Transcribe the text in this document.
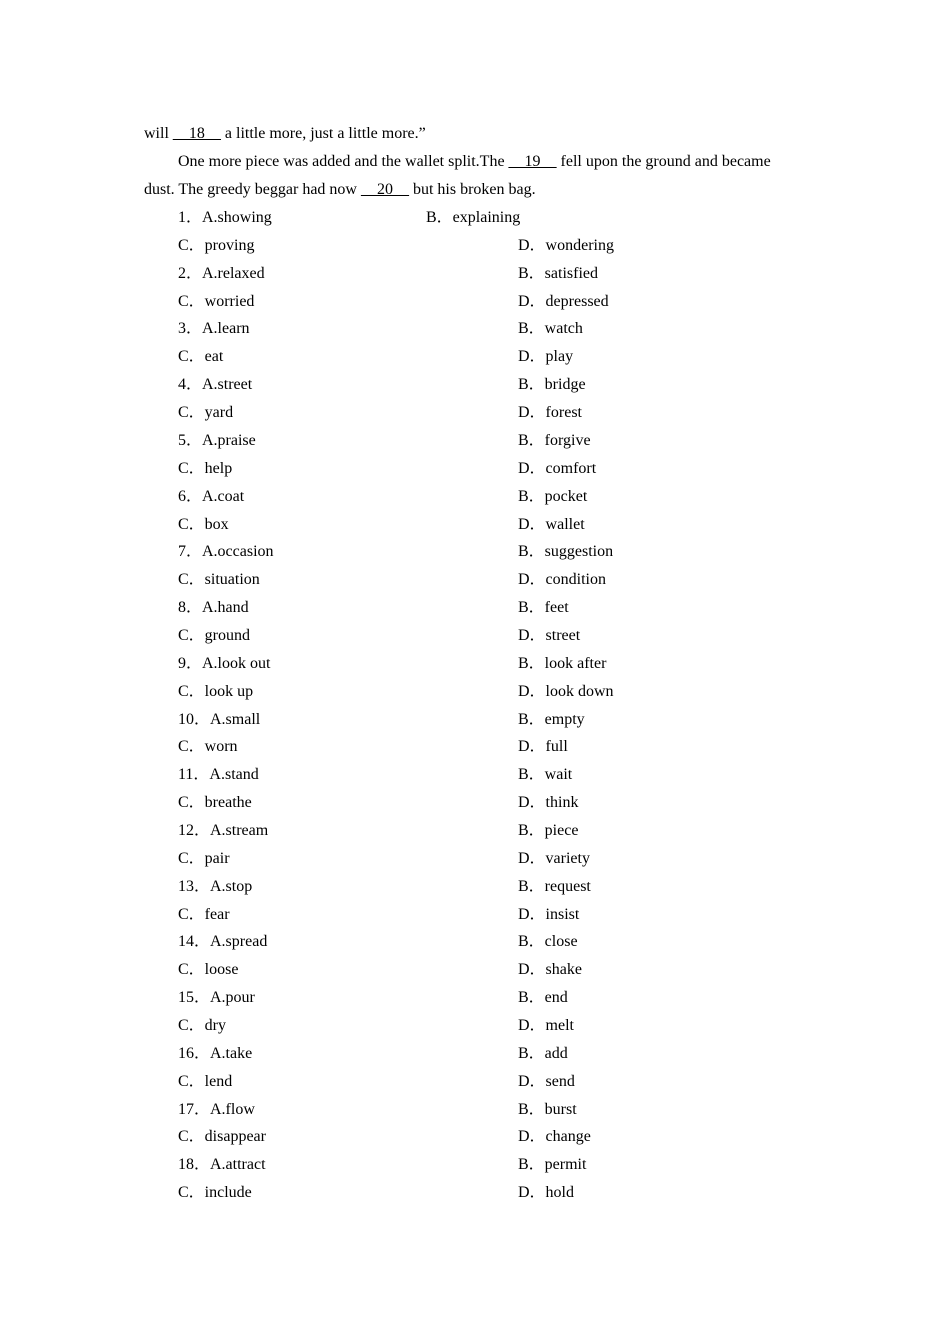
will __18__ a little more, just a little more.”
One more piece was added and the wallet split.The __19__ fell upon the ground and became
dust. The greedy beggar had now __20__ but his broken bag.
1．A.showing	B．explaining
C．proving	D．wondering
2．A.relaxed	B．satisfied
C．worried	D．depressed
3．A.learn	B．watch
C．eat	D．play
4．A.street	B．bridge
C．yard	D．forest
5．A.praise	B．forgive
C．help	D．comfort
6．A.coat	B．pocket
C．box	D．wallet
7．A.occasion	B．suggestion
C．situation	D．condition
8．A.hand	B．feet
C．ground	D．street
9．A.look out	B．look after
C．look up	D．look down
10．A.small	B．empty
C．worn	D．full
11．A.stand	B．wait
C．breathe	D．think
12．A.stream	B．piece
C．pair	D．variety
13．A.stop	B．request
C．fear	D．insist
14．A.spread	B．close
C．loose	D．shake
15．A.pour	B．end
C．dry	D．melt
16．A.take	B．add
C．lend	D．send
17．A.flow	B．burst
C．disappear	D．change
18．A.attract	B．permit
C．include	D．hold
